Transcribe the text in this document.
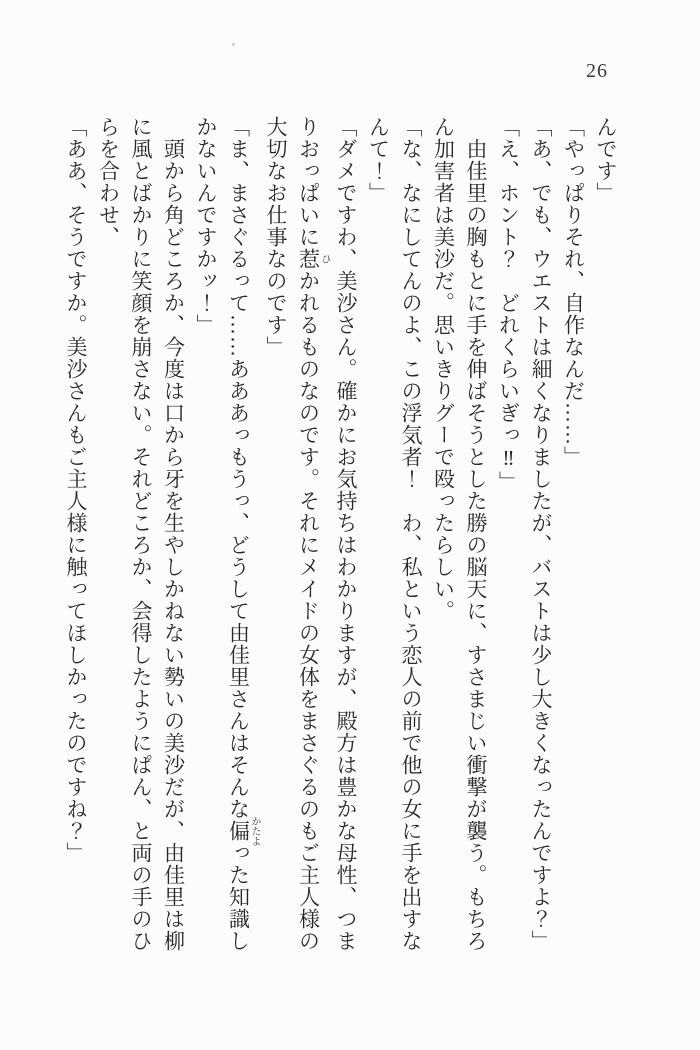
26

んです」

「やっぱりそれ、自作なんだ……」

「あ、でも、ウエストは細くなりましたが、バストは少し大きくなったんですよ？」

「え、ホント？　どれくらいぎっ‼」

　由佳里の胸もとに手を伸ばそうとした勝の脳天に、すさまじい衝撃が襲う。もちろ

ん加害者は美沙だ。思いきりグーで殴ったらしい。

「な、なにしてんのよ、この浮気者！　わ、私という恋人の前で他の女に手を出すな

んて！」

「ダメですわ、美沙さん。確かにお気持ちはわかりますが、殿方は豊かな母性、つま

りおっぱいに惹ひかれるものなのです。それにメイドの女体をまさぐるのもご主人様の

大切なお仕事なのです」

「ま、まさぐるって……あああっもうっ、どうして由佳里さんはそんな偏かたよった知識し

かないんですかッ！」

　頭から角どころか、今度は口から牙を生やしかねない勢いの美沙だが、由佳里は柳

に風とばかりに笑顔を崩さない。それどころか、会得したようにぱん、と両の手のひ

らを合わせ、

「ああ、そうですか。美沙さんもご主人様に触ってほしかったのですね？」
